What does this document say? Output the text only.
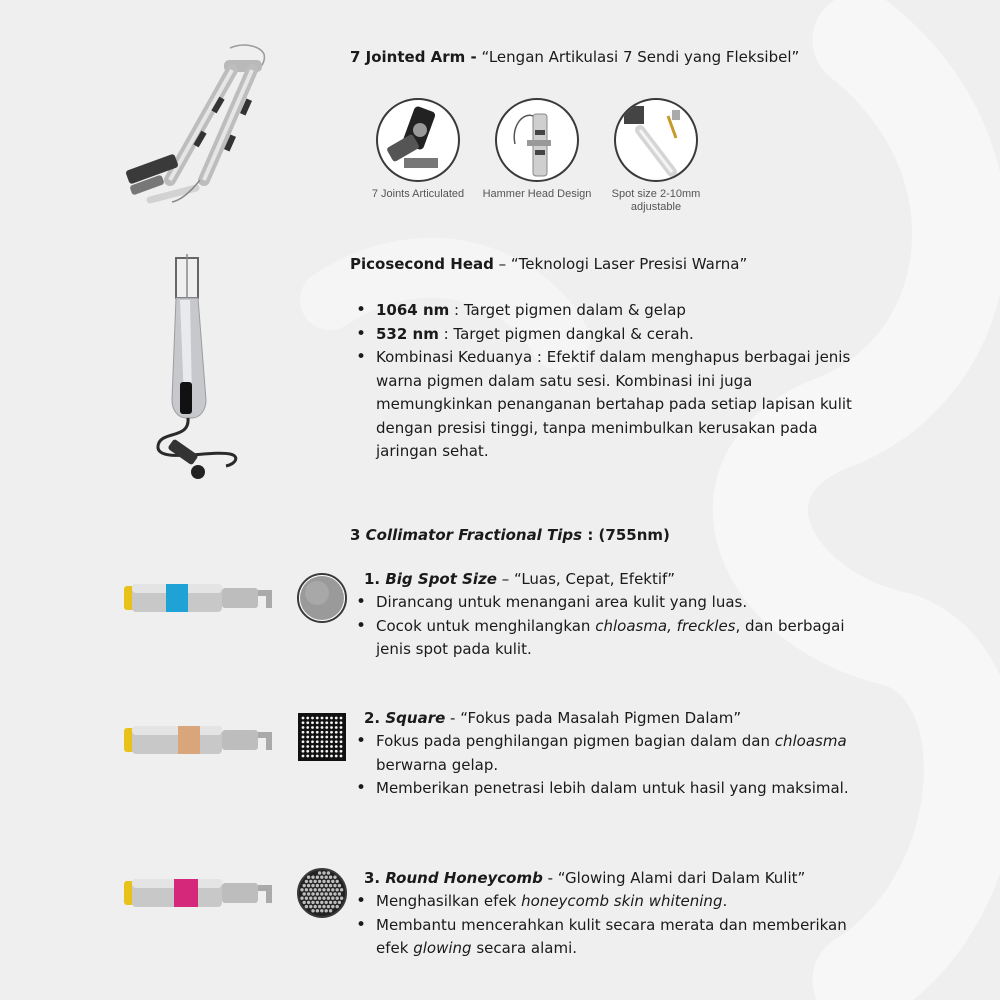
7 Jointed Arm - “Lengan Artikulasi 7 Sendi yang Fleksibel”
7 Joints Articulated	Hammer Head Design	Spot size 2-10mm
adjustable
Picosecond Head – “Teknologi Laser Presisi Warna”
• 1064 nm : Target pigmen dalam & gelap
• 532 nm : Target pigmen dangkal & cerah.
• Kombinasi Keduanya : Efektif dalam menghapus berbagai jenis warna pigmen dalam satu sesi. Kombinasi ini juga memungkinkan penanganan bertahap pada setiap lapisan kulit dengan presisi tinggi, tanpa menimbulkan kerusakan pada jaringan sehat.
3 Collimator Fractional Tips : (755nm)
1. Big Spot Size – “Luas, Cepat, Efektif”
• Dirancang untuk menangani area kulit yang luas.
• Cocok untuk menghilangkan chloasma, freckles, dan berbagai jenis spot pada kulit.
2. Square - “Fokus pada Masalah Pigmen Dalam”
• Fokus pada penghilangan pigmen bagian dalam dan chloasma berwarna gelap.
• Memberikan penetrasi lebih dalam untuk hasil yang maksimal.
3. Round Honeycomb - “Glowing Alami dari Dalam Kulit”
• Menghasilkan efek honeycomb skin whitening.
• Membantu mencerahkan kulit secara merata dan memberikan efek glowing secara alami.
